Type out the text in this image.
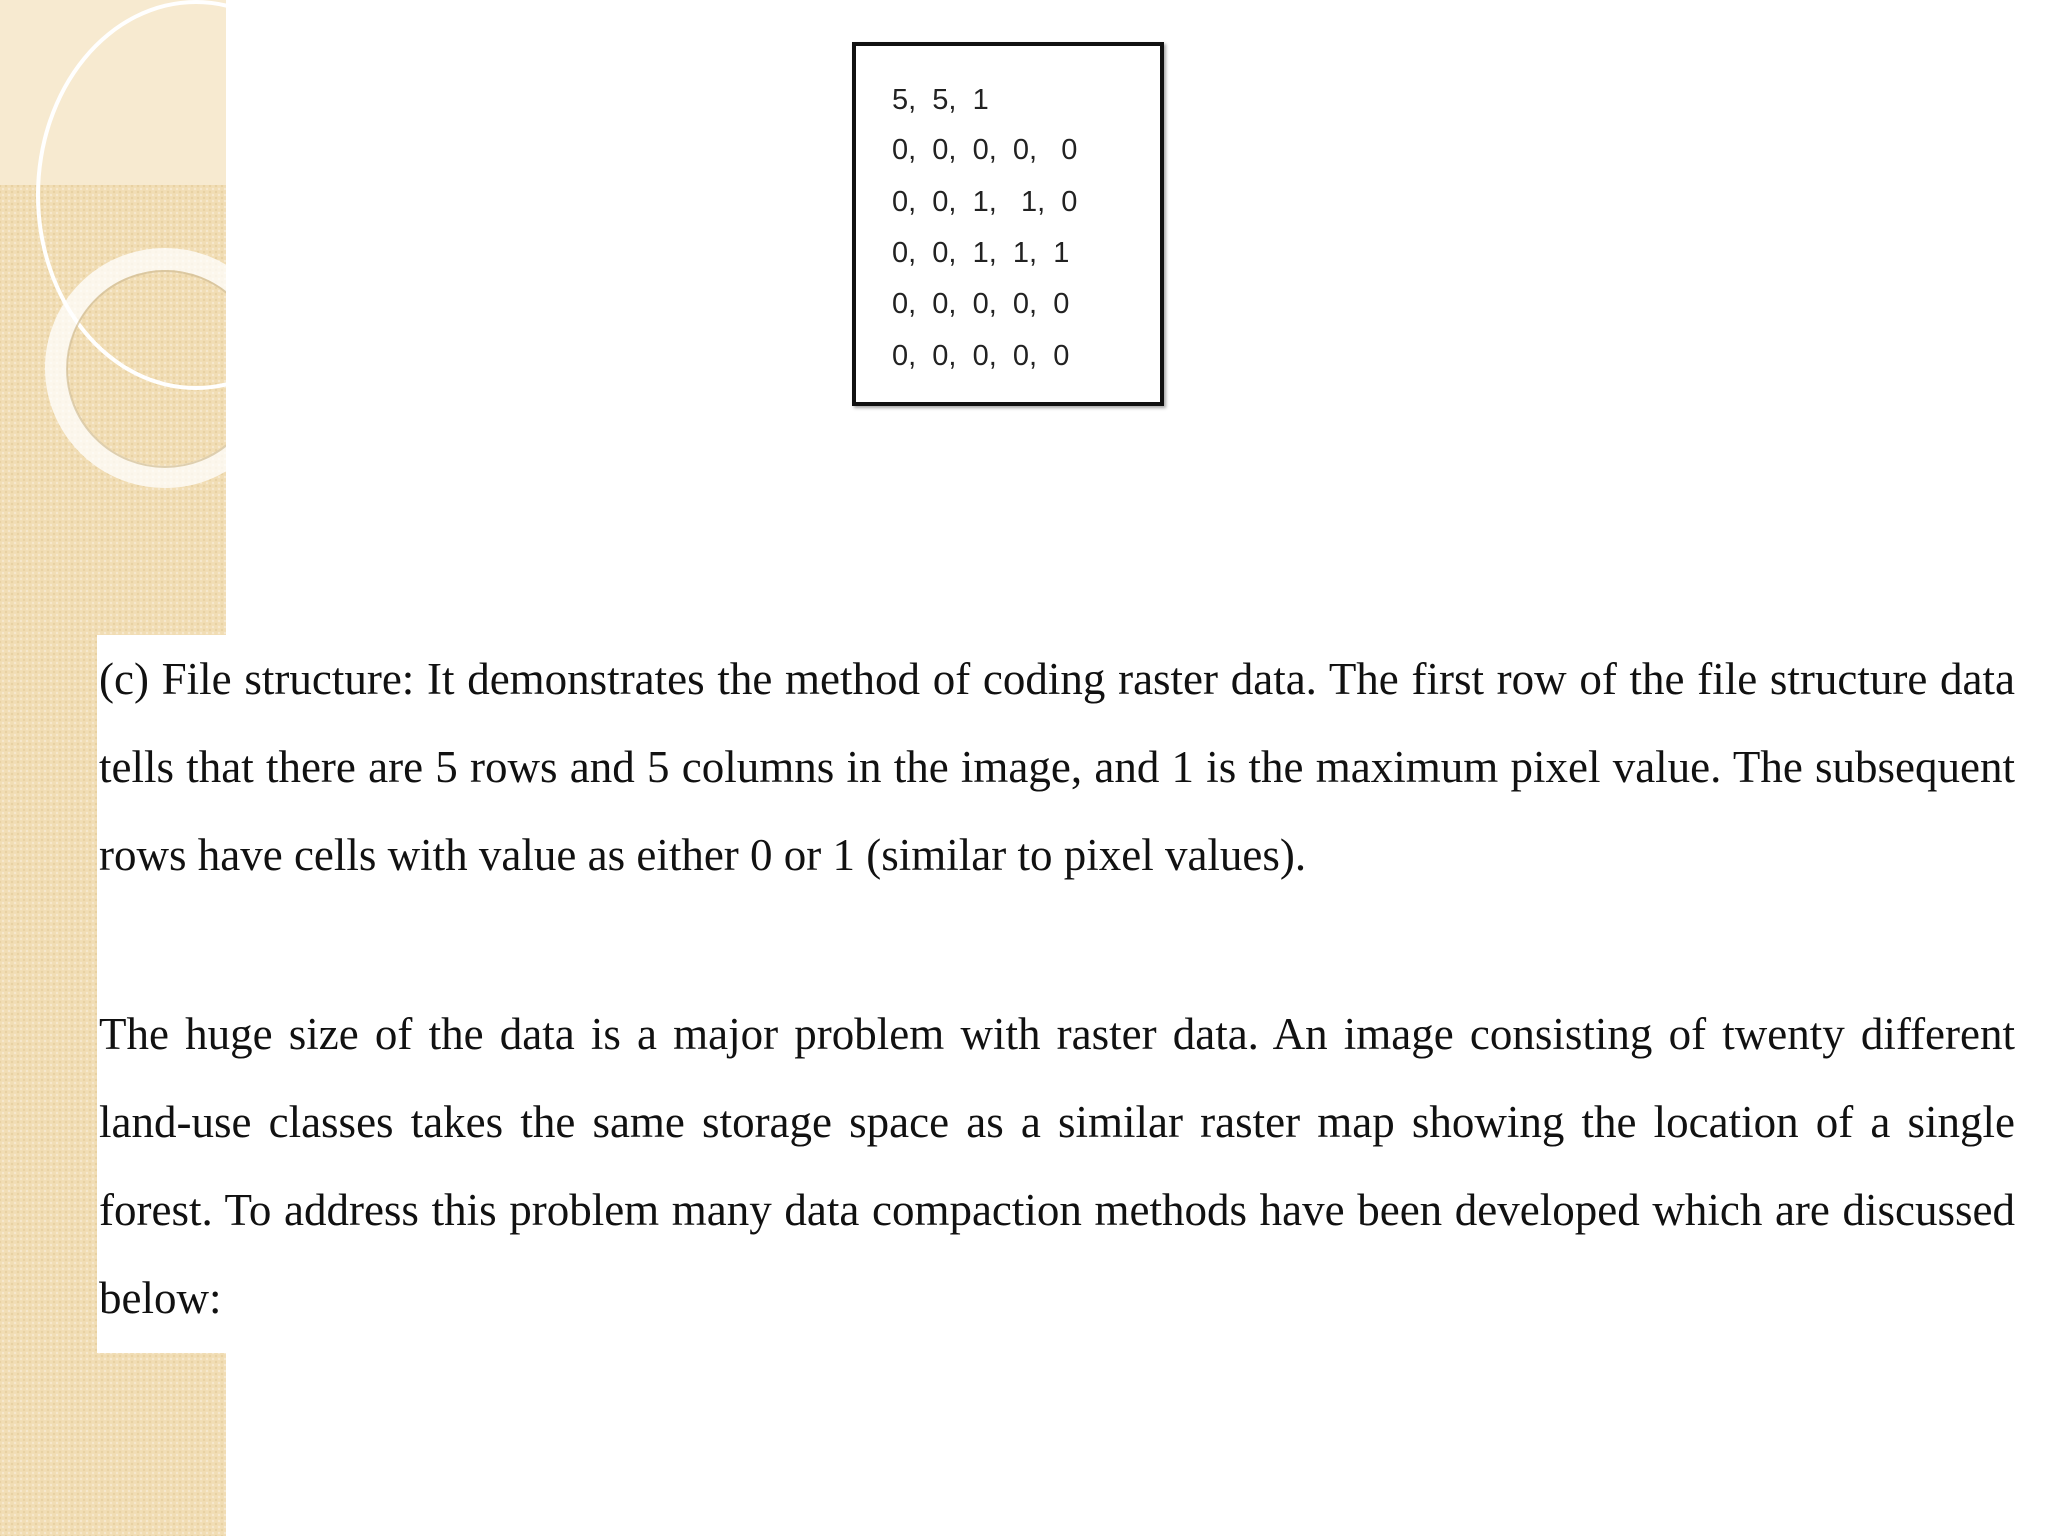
5,  5,  1
0,  0,  0,  0,   0
0,  0,  1,   1,  0
0,  0,  1,  1,  1
0,  0,  0,  0,  0
0,  0,  0,  0,  0

(c) File structure: It demonstrates the method of coding raster data. The first row of the file structure data tells that there are 5 rows and 5 columns in the image, and 1 is the maximum pixel value. The subsequent rows have cells with value as either 0 or 1 (similar to pixel values).

The huge size of the data is a major problem with raster data. An image consisting of twenty different land-use classes takes the same storage space as a similar raster map showing the location of a single forest. To address this problem many data compaction methods have been developed which are discussed below:
